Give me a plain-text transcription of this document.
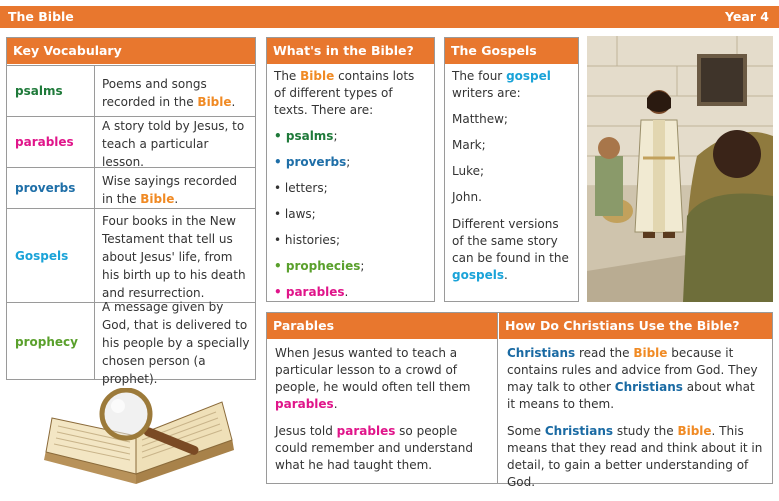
The Bible	Year 4
Key Vocabulary
psalms
Poems and songs recorded in the Bible.
parables
A story told by Jesus, to teach a particular lesson.
proverbs
Wise sayings recorded in the Bible.
Gospels
Four books in the New Testament that tell us about Jesus' life, from his birth up to his death and resurrection.
prophecy
A message given by God, that is delivered to his people by a specially chosen person (a prophet).
What's in the Bible?
The Bible contains lots of different types of texts. There are:
• psalms;
• proverbs;
• letters;
• laws;
• histories;
• prophecies;
• parables.
The Gospels
The four gospel writers are:
Matthew;
Mark;
Luke;
John.
Different versions of the same story can be found in the gospels.
Parables

When Jesus wanted to teach a particular lesson to a crowd of people, he would often tell them parables.

Jesus told parables so people could remember and understand what he had taught them.

How Do Christians Use the Bible?

Christians read the Bible because it contains rules and advice from God. They may talk to other Christians about what it means to them.

Some Christians study the Bible. This means that they read and think about it in detail, to gain a better understanding of God.
